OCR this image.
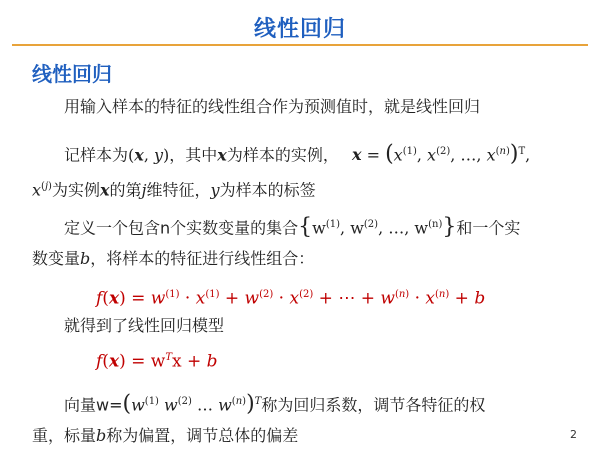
线性回归
线性回归
用输入样本的特征的线性组合作为预测值时，就是线性回归
记样本为(x, y)，其中x为样本的实例， $x = (x^{(1)}$, $x^{(2)}$, …, $x^{(n)})^T$,
$x^{(j)}$为实例x的第j维特征，y为样本的标签
定义一个包含n个实数变量的集合{$w^{(1)}$, $w^{(2)}$, …, $w^{(n)}$}和一个实
数变量b，将样本的特征进行线性组合：
$f(x) = w^{(1)} \cdot x^{(1)} + w^{(2)} \cdot x^{(2)}$ + ⋯ + $w^{(n)} \cdot x^{(n)} + b$
就得到了线性回归模型
$f(x) = w^Tx + b$
向量$w=(w^{(1)}$ $w^{(2)}$ … $w^{(n)})^T$称为回归系数，调节各特征的权
重，标量b称为偏置，调节总体的偏差	2
